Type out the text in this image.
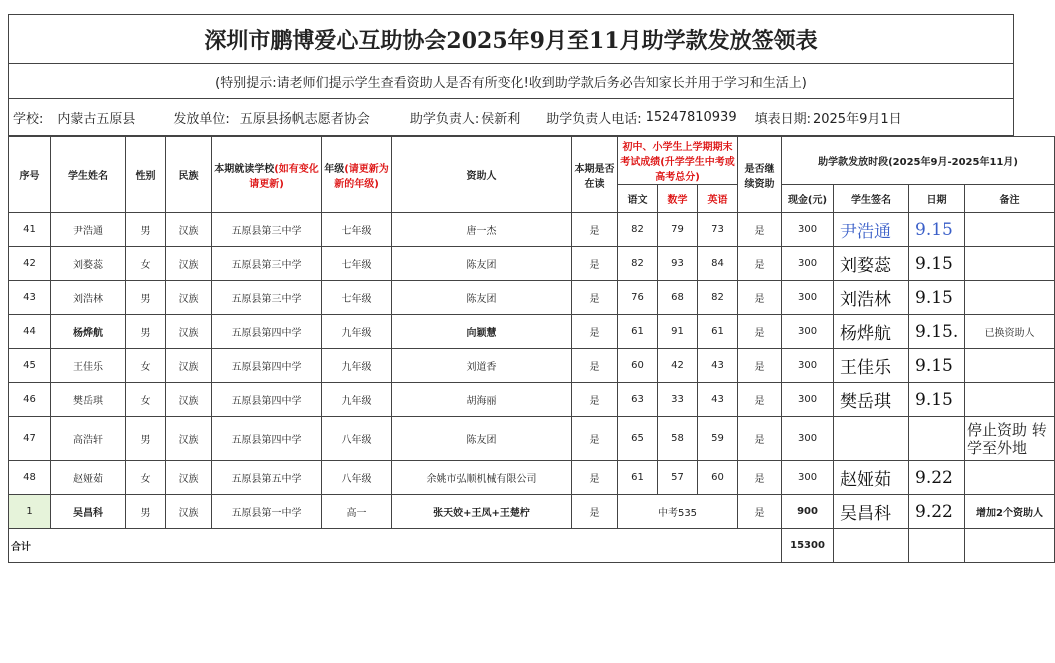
深圳市鹏博爱心互助协会2025年9月至11月助学款发放签领表
(特别提示:请老师们提示学生查看资助人是否有所变化!收到助学款后务必告知家长并用于学习和生活上)
学校: 内蒙古五原县	发放单位: 五原县扬帆志愿者协会	助学负责人: 侯新利 助学负责人电话: 15247810939 填表日期: 2025年9月1日
序号	学生姓名	性别	民族	本期就读学校(如有变化请更新)	年级(请更新为新的年级)	资助人	本期是否在读	初中、小学生上学期期末考试成绩(升学学生中考或高考总分)			是否继续资助	助学款发放时段(2025年9月-2025年11月)			
								语文	数学	英语		现金(元)	学生签名	日期	备注
41	尹浩通	男	汉族	五原县第三中学	七年级	唐一杰	是	82	79	73	是	300	尹浩通	9.15	
42	刘婺蕊	女	汉族	五原县第三中学	七年级	陈友团	是	82	93	84	是	300	刘婺蕊	9.15	
43	刘浩林	男	汉族	五原县第三中学	七年级	陈友团	是	76	68	82	是	300	刘浩林	9.15	
44	杨烨航	男	汉族	五原县第四中学	九年级	向颖慧	是	61	91	61	是	300	杨烨航	9.15.	已换资助人
45	王佳乐	女	汉族	五原县第四中学	九年级	刘道香	是	60	42	43	是	300	王佳乐	9.15	
46	樊岳琪	女	汉族	五原县第四中学	九年级	胡海丽	是	63	33	43	是	300	樊岳琪	9.15	
47	高浩轩	男	汉族	五原县第四中学	八年级	陈友团	是	65	58	59	是	300			停止资助 转学至外地
48	赵娅茹	女	汉族	五原县第五中学	八年级	余姚市弘顺机械有限公司	是	61	57	60	是	300	赵娅茹	9.22	
1	吴昌科	男	汉族	五原县第一中学	高一	张天姣+王凤+王楚柠	是	中考535			是	900	吴昌科	9.22	增加2个资助人
合计												15300			
